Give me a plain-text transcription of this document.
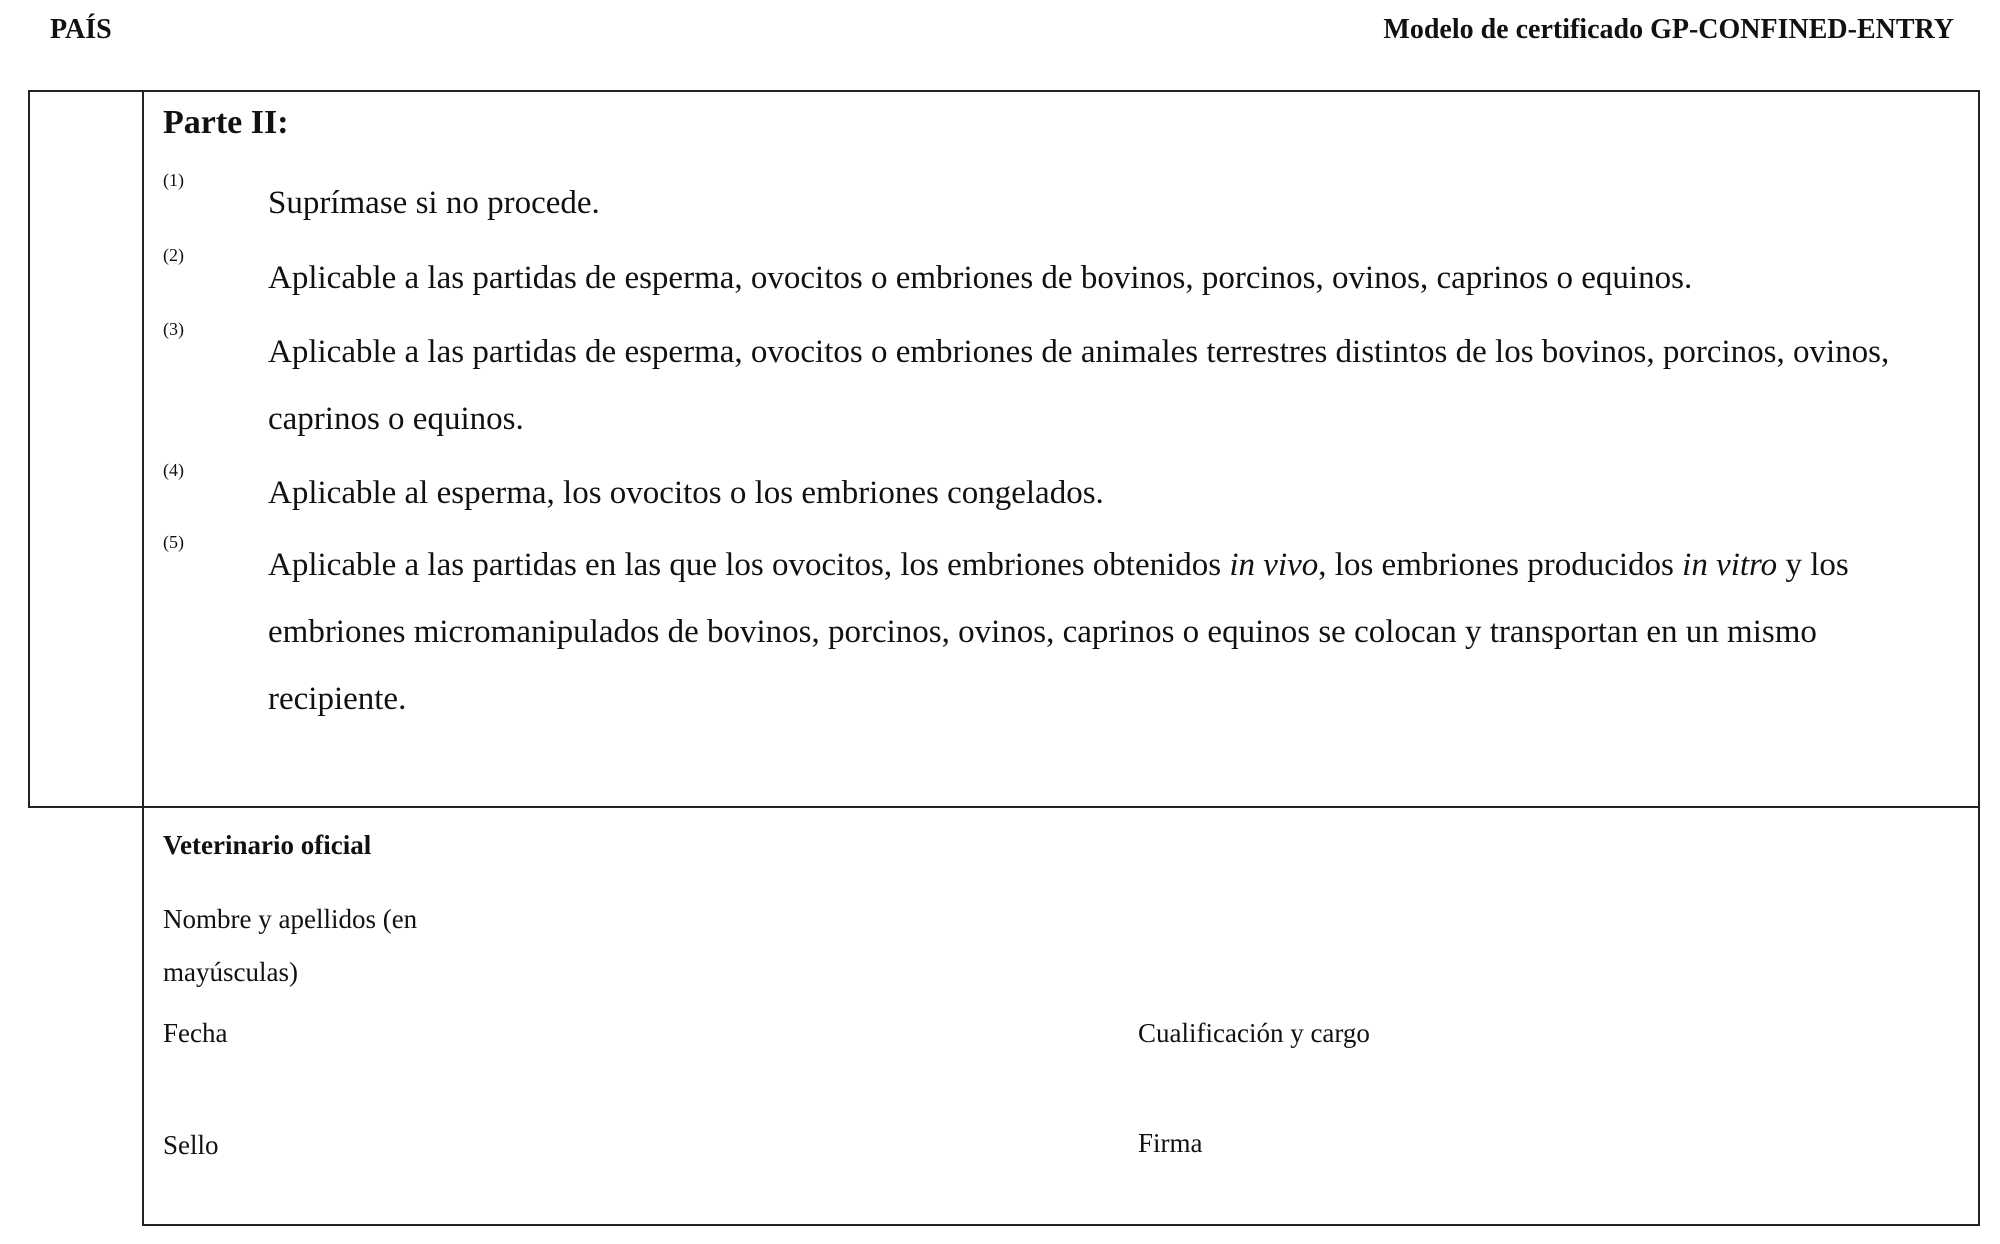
PAÍS	Modelo de certificado GP-CONFINED-ENTRY
Parte II:
(1)
Suprímase si no procede.
(2)
Aplicable a las partidas de esperma, ovocitos o embriones de bovinos, porcinos, ovinos, caprinos o equinos.
(3)
Aplicable a las partidas de esperma, ovocitos o embriones de animales terrestres distintos de los bovinos, porcinos, ovinos, caprinos o equinos.
(4)
Aplicable al esperma, los ovocitos o los embriones congelados.
(5)
Aplicable a las partidas en las que los ovocitos, los embriones obtenidos in vivo, los embriones producidos in vitro y los embriones micromanipulados de bovinos, porcinos, ovinos, caprinos o equinos se colocan y transportan en un mismo recipiente.
Veterinario oficial
Nombre y apellidos (en mayúsculas)
Fecha	Cualificación y cargo
Sello	Firma
